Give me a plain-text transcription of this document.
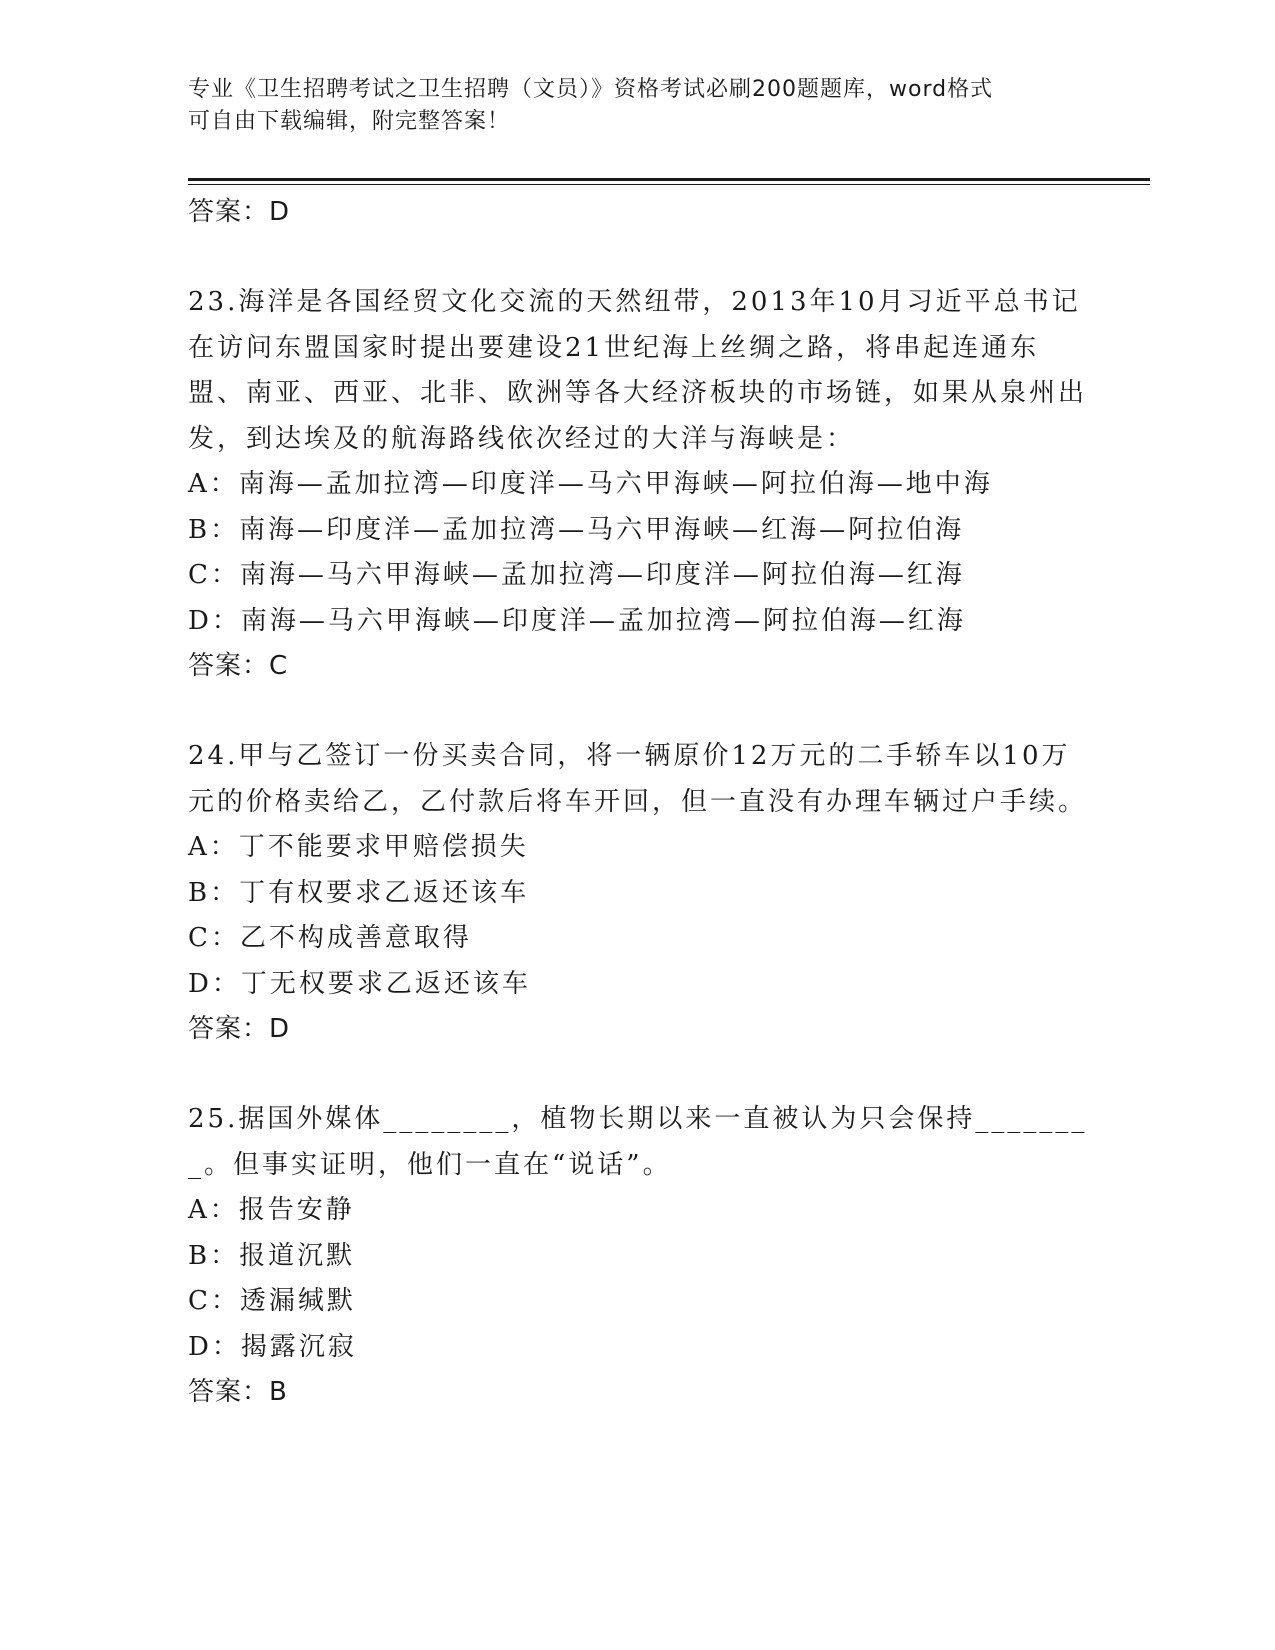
专业《卫生招聘考试之卫生招聘（文员）》资格考试必刷200题题库，word格式
可自由下载编辑，附完整答案！
答案：D
23.海洋是各国经贸文化交流的天然纽带，2013年10月习近平总书记在访问东盟国家时提出要建设21世纪海上丝绸之路，将串起连通东盟、南亚、西亚、北非、欧洲等各大经济板块的市场链，如果从泉州出发，到达埃及的航海路线依次经过的大洋与海峡是：
A：南海—孟加拉湾—印度洋—马六甲海峡—阿拉伯海—地中海
B：南海—印度洋—孟加拉湾—马六甲海峡—红海—阿拉伯海
C：南海—马六甲海峡—孟加拉湾—印度洋—阿拉伯海—红海
D：南海—马六甲海峡—印度洋—孟加拉湾—阿拉伯海—红海
答案：C
24.甲与乙签订一份买卖合同，将一辆原价12万元的二手轿车以10万元的价格卖给乙，乙付款后将车开回，但一直没有办理车辆过户手续。
A：丁不能要求甲赔偿损失
B：丁有权要求乙返还该车
C：乙不构成善意取得
D：丁无权要求乙返还该车
答案：D
25.据国外媒体________，植物长期以来一直被认为只会保持________。但事实证明，他们一直在“说话”。
A：报告安静
B：报道沉默
C：透漏缄默
D：揭露沉寂
答案：B
